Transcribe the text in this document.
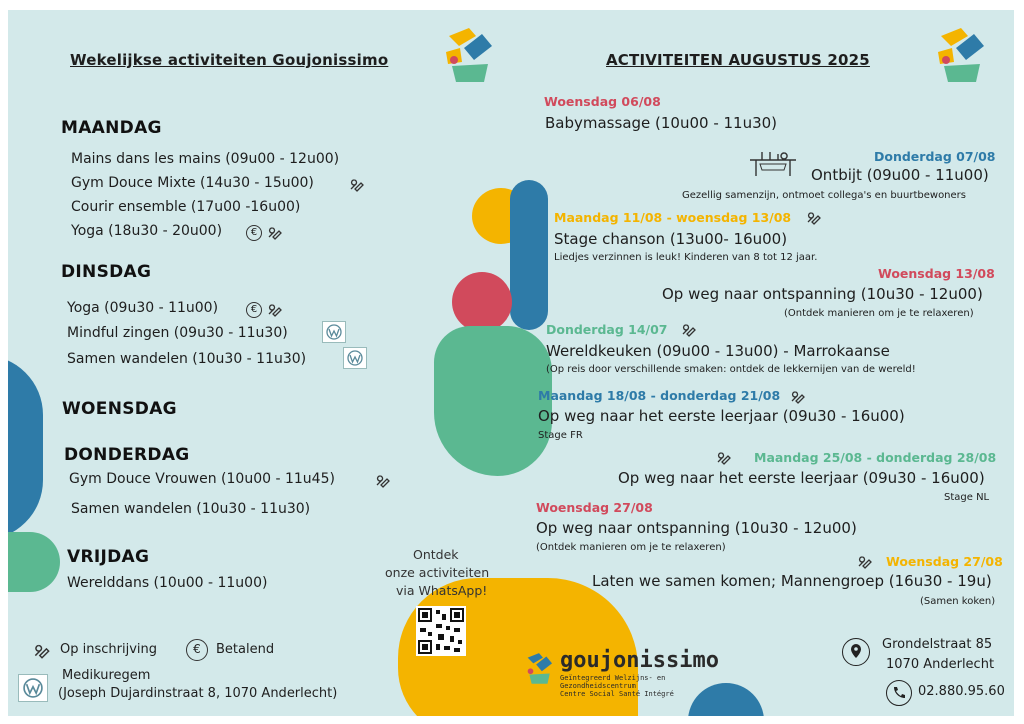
Wekelijkse activiteiten Goujonissimo
MAANDAG
Mains dans les mains (09u00 - 12u00)
Gym Douce Mixte (14u30 - 15u00)
Courir ensemble (17u00 -16u00)
Yoga (18u30 - 20u00)	€
DINSDAG
Yoga (09u30 - 11u00)	€
Mindful zingen (09u30 - 11u30)
Samen wandelen (10u30 - 11u30)
WOENSDAG
DONDERDAG
Gym Douce Vrouwen (10u00 - 11u45)
Samen wandelen (10u30 - 11u30)
VRIJDAG
Werelddans (10u00 - 11u00)
Op inschrijving	€	Betalend
Medikuregem
(Joseph Dujardinstraat 8, 1070 Anderlecht)
Ontdek
onze activiteiten
via WhatsApp!
ACTIVITEITEN AUGUSTUS 2025
Woensdag 06/08
Babymassage (10u00 - 11u30)
Donderdag 07/08
Ontbijt (09u00 - 11u00)
Gezellig samenzijn, ontmoet collega's en buurtbewoners
Maandag 11/08 - woensdag 13/08
Stage chanson (13u00- 16u00)
Liedjes verzinnen is leuk! Kinderen van 8 tot 12 jaar.
Woensdag 13/08
Op weg naar ontspanning (10u30 - 12u00)
(Ontdek manieren om je te relaxeren)
Donderdag 14/07
Wereldkeuken (09u00 - 13u00) - Marrokaanse
(Op reis door verschillende smaken: ontdek de lekkernijen van de wereld!
Maandag 18/08 - donderdag 21/08
Op weg naar het eerste leerjaar (09u30 - 16u00)
Stage FR
Maandag 25/08 - donderdag 28/08
Op weg naar het eerste leerjaar (09u30 - 16u00)
Stage NL
Woensdag 27/08
Op weg naar ontspanning (10u30 - 12u00)
(Ontdek manieren om je te relaxeren)
Woensdag 27/08
Laten we samen komen; Mannengroep (16u30 - 19u)
(Samen koken)
goujonissimo
Geïntegreerd Welzijns- en
Gezondheidscentrum
Centre Social Santé Intégré
Grondelstraat 85
1070 Anderlecht
02.880.95.60
